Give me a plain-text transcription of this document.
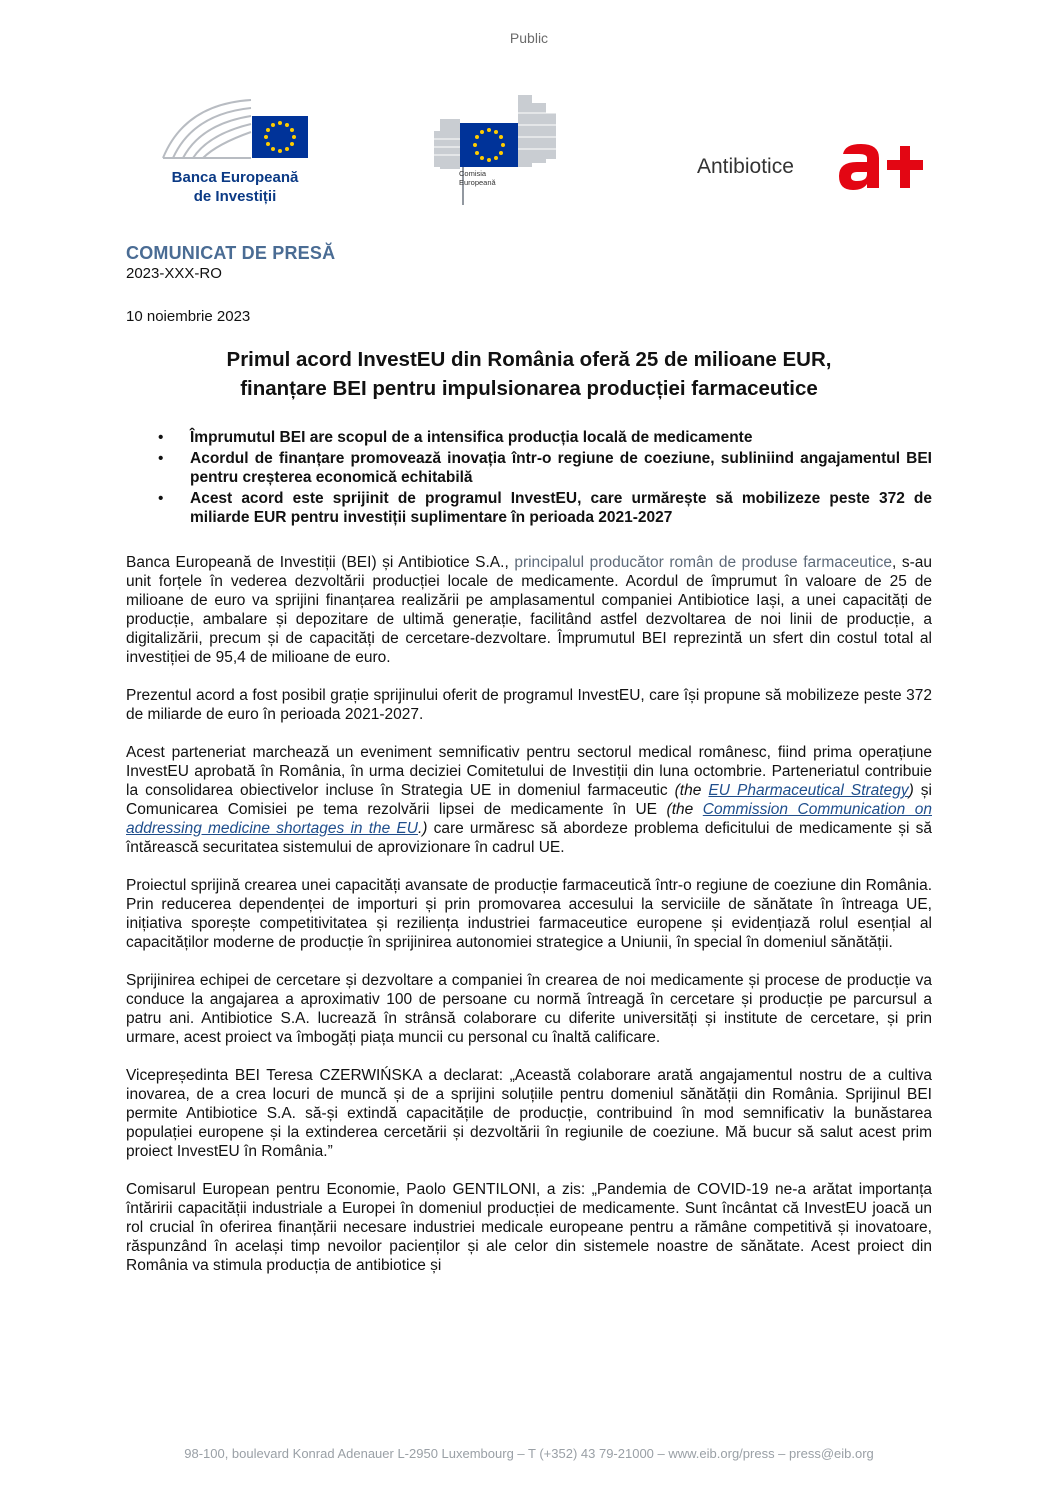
Public
Banca Europeană
de Investiții
Comisia
Europeană
Antibiotice
COMUNICAT DE PRESĂ
2023-XXX-RO
10 noiembrie 2023
Primul acord InvestEU din România oferă 25 de milioane EUR,
finanțare BEI pentru impulsionarea producției farmaceutice
• Împrumutul BEI are scopul de a intensifica producția locală de medicamente
• Acordul de finanțare promovează inovația într-o regiune de coeziune, subliniind angajamentul BEI pentru creșterea economică echitabilă
• Acest acord este sprijinit de programul InvestEU, care urmărește să mobilizeze peste 372 de miliarde EUR pentru investiții suplimentare în perioada 2021-2027

Banca Europeană de Investiții (BEI) și Antibiotice S.A., principalul producător român de produse farmaceutice, s-au unit forțele în vederea dezvoltării producției locale de medicamente. Acordul de împrumut în valoare de 25 de milioane de euro va sprijini finanțarea realizării pe amplasamentul companiei Antibiotice Iași, a unei capacități de producție, ambalare și depozitare de ultimă generație, facilitând astfel dezvoltarea de noi linii de producție, a digitalizării, precum și de capacități de cercetare-dezvoltare. Împrumutul BEI reprezintă un sfert din costul total al investiției de 95,4 de milioane de euro.

Prezentul acord a fost posibil grație sprijinului oferit de programul InvestEU, care își propune să mobilizeze peste 372 de miliarde de euro în perioada 2021-2027.

Acest parteneriat marchează un eveniment semnificativ pentru sectorul medical românesc, fiind prima operațiune InvestEU aprobată în România, în urma deciziei Comitetului de Investiții din luna octombrie. Parteneriatul contribuie la consolidarea obiectivelor incluse în Strategia UE in domeniul farmaceutic (the EU Pharmaceutical Strategy) și Comunicarea Comisiei pe tema rezolvării lipsei de medicamente în UE (the Commission Communication on addressing medicine shortages in the EU.) care urmăresc să abordeze problema deficitului de medicamente și să întărească securitatea sistemului de aprovizionare în cadrul UE.

Proiectul sprijină crearea unei capacități avansate de producție farmaceutică într-o regiune de coeziune din România. Prin reducerea dependenței de importuri și prin promovarea accesului la serviciile de sănătate în întreaga UE, inițiativa sporește competitivitatea și reziliența industriei farmaceutice europene și evidențiază rolul esențial al capacităților moderne de producție în sprijinirea autonomiei strategice a Uniunii, în special în domeniul sănătății.

Sprijinirea echipei de cercetare și dezvoltare a companiei în crearea de noi medicamente și procese de producție va conduce la angajarea a aproximativ 100 de persoane cu normă întreagă în cercetare și producție pe parcursul a patru ani. Antibiotice S.A. lucrează în strânsă colaborare cu diferite universități și institute de cercetare, și prin urmare, acest proiect va îmbogăți piața muncii cu personal cu înaltă calificare.

Vicepreședinta BEI Teresa CZERWIŃSKA a declarat: „Această colaborare arată angajamentul nostru de a cultiva inovarea, de a crea locuri de muncă și de a sprijini soluțiile pentru domeniul sănătății din România. Sprijinul BEI permite Antibiotice S.A. să-și extindă capacitățile de producție, contribuind în mod semnificativ la bunăstarea populației europene și la extinderea cercetării și dezvoltării în regiunile de coeziune. Mă bucur să salut acest prim proiect InvestEU în România.”

Comisarul European pentru Economie, Paolo GENTILONI, a zis: „Pandemia de COVID-19 ne-a arătat importanța întăririi capacității industriale a Europei în domeniul producției de medicamente. Sunt încântat că InvestEU joacă un rol crucial în oferirea finanțării necesare industriei medicale europeane pentru a rămâne competitivă și inovatoare, răspunzând în același timp nevoilor pacienților și ale celor din sistemele noastre de sănătate. Acest proiect din România va stimula producția de antibiotice și

98-100, boulevard Konrad Adenauer L-2950 Luxembourg – T (+352) 43 79-21000 – www.eib.org/press – press@eib.org
